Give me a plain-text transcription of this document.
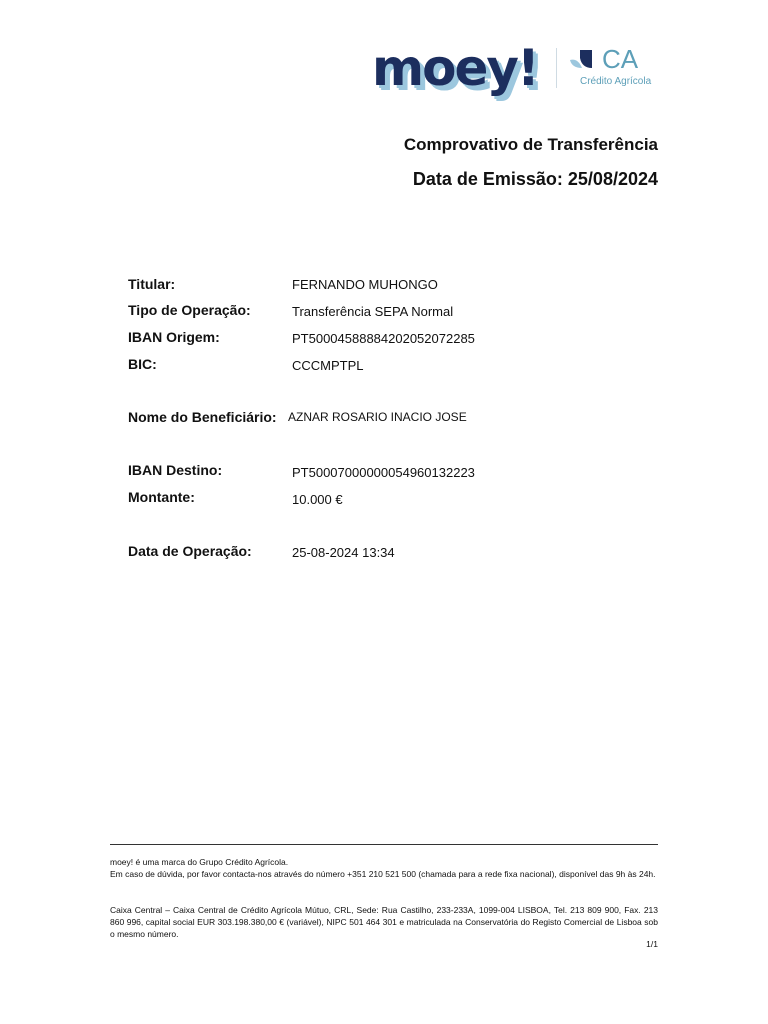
moey! CA
Crédito Agrícola
Comprovativo de Transferência
Data de Emissão: 25/08/2024
Titular:	FERNANDO MUHONGO
Tipo de Operação:	Transferência SEPA Normal
IBAN Origem:	PT50004588884202052072285
BIC:	CCCMPTPL
Nome do Beneficiário: AZNAR ROSARIO INACIO JOSE
IBAN Destino:	PT50007000000054960132223
Montante:	10.000 €
Data de Operação:	25-08-2024 13:34
moey! é uma marca do Grupo Crédito Agrícola.
Em caso de dúvida, por favor contacta-nos através do número +351 210 521 500 (chamada para a rede fixa nacional), disponível das 9h às 24h.
Caixa Central – Caixa Central de Crédito Agrícola Mútuo, CRL, Sede: Rua Castilho, 233-233A, 1099-004 LISBOA, Tel. 213 809 900, Fax. 213 860 996, capital social EUR 303.198.380,00 € (variável), NIPC 501 464 301 e matriculada na Conservatória do Registo Comercial de Lisboa sob o mesmo número.
1/1
